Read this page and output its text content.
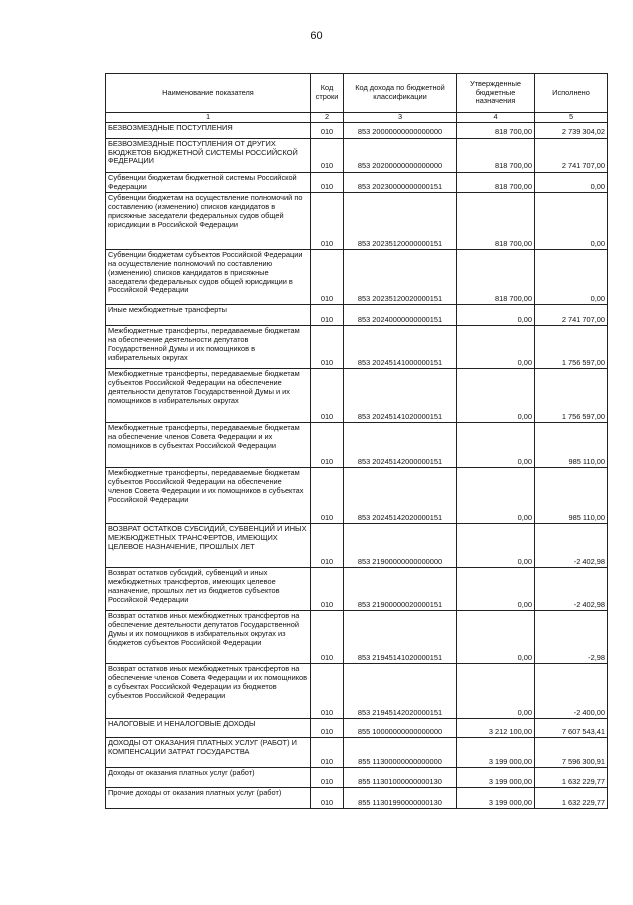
60
Наименование показателя	Код строки	Код дохода по бюджетной классификации	Утвержденные бюджетные назначения	Исполнено
1	2	3	4	5
БЕЗВОЗМЕЗДНЫЕ ПОСТУПЛЕНИЯ	010	853 20000000000000000	818 700,00	2 739 304,02
БЕЗВОЗМЕЗДНЫЕ ПОСТУПЛЕНИЯ ОТ ДРУГИХ БЮДЖЕТОВ БЮДЖЕТНОЙ СИСТЕМЫ РОССИЙСКОЙ ФЕДЕРАЦИИ	010	853 20200000000000000	818 700,00	2 741 707,00
Субвенции бюджетам бюджетной системы Российской Федерации	010	853 20230000000000151	818 700,00	0,00
Субвенции бюджетам на осуществление полномочий по составлению (изменению) списков кандидатов в присяжные заседатели федеральных судов общей юрисдикции в Российской Федерации	010	853 20235120000000151	818 700,00	0,00
Субвенции бюджетам субъектов Российской Федерации на осуществление полномочий по составлению (изменению) списков кандидатов в присяжные заседатели федеральных судов общей юрисдикции в Российской Федерации	010	853 20235120020000151	818 700,00	0,00
Иные межбюджетные трансферты	010	853 20240000000000151	0,00	2 741 707,00
Межбюджетные трансферты, передаваемые бюджетам на обеспечение деятельности депутатов Государственной Думы и их помощников в избирательных округах	010	853 20245141000000151	0,00	1 756 597,00
Межбюджетные трансферты, передаваемые бюджетам субъектов Российской Федерации на обеспечение деятельности депутатов Государственной Думы и их помощников в избирательных округах	010	853 20245141020000151	0,00	1 756 597,00
Межбюджетные трансферты, передаваемые бюджетам на обеспечение членов Совета Федерации и их помощников в субъектах Российской Федерации	010	853 20245142000000151	0,00	985 110,00
Межбюджетные трансферты, передаваемые бюджетам субъектов Российской Федерации на обеспечение членов Совета Федерации и их помощников в субъектах Российской Федерации	010	853 20245142020000151	0,00	985 110,00
ВОЗВРАТ ОСТАТКОВ СУБСИДИЙ, СУБВЕНЦИЙ И ИНЫХ МЕЖБЮДЖЕТНЫХ ТРАНСФЕРТОВ, ИМЕЮЩИХ ЦЕЛЕВОЕ НАЗНАЧЕНИЕ, ПРОШЛЫХ ЛЕТ	010	853 21900000000000000	0,00	-2 402,98
Возврат остатков субсидий, субвенций и иных межбюджетных трансфертов, имеющих целевое назначение, прошлых лет из бюджетов субъектов Российской Федерации	010	853 21900000020000151	0,00	-2 402,98
Возврат остатков иных межбюджетных трансфертов на обеспечение деятельности депутатов Государственной Думы и их помощников в избирательных округах из бюджетов субъектов Российской Федерации	010	853 21945141020000151	0,00	-2,98
Возврат остатков иных межбюджетных трансфертов на обеспечение членов Совета Федерации и их помощников в субъектах Российской Федерации из бюджетов субъектов Российской Федерации	010	853 21945142020000151	0,00	-2 400,00
НАЛОГОВЫЕ И НЕНАЛОГОВЫЕ ДОХОДЫ	010	855 10000000000000000	3 212 100,00	7 607 543,41
ДОХОДЫ ОТ ОКАЗАНИЯ ПЛАТНЫХ УСЛУГ (РАБОТ) И КОМПЕНСАЦИИ ЗАТРАТ ГОСУДАРСТВА	010	855 11300000000000000	3 199 000,00	7 596 300,91
Доходы от оказания платных услуг (работ)	010	855 11301000000000130	3 199 000,00	1 632 229,77
Прочие доходы от оказания платных услуг (работ)	010	855 11301990000000130	3 199 000,00	1 632 229,77
